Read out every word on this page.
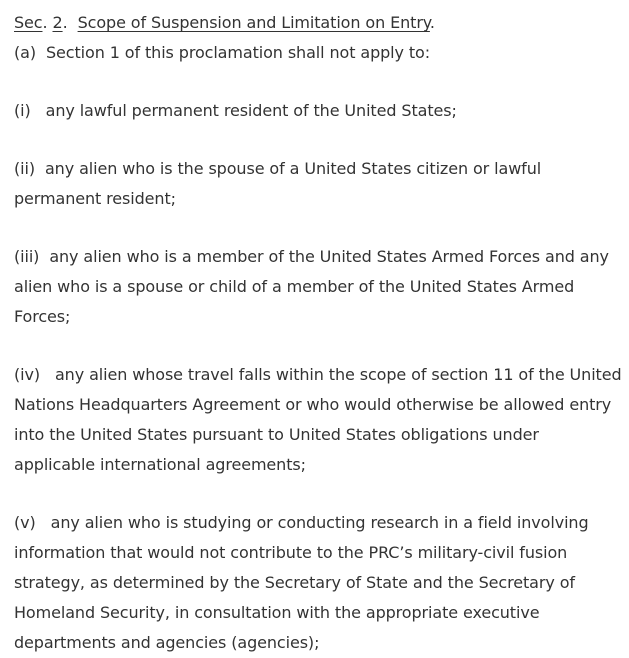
Sec. 2. Scope of Suspension and Limitation on Entry.

(a) Section 1 of this proclamation shall not apply to:

(i) any lawful permanent resident of the United States;

(ii) any alien who is the spouse of a United States citizen or lawful permanent resident;

(iii) any alien who is a member of the United States Armed Forces and any alien who is a spouse or child of a member of the United States Armed Forces;

(iv) any alien whose travel falls within the scope of section 11 of the United Nations Headquarters Agreement or who would otherwise be allowed entry into the United States pursuant to United States obligations under applicable international agreements;

(v) any alien who is studying or conducting research in a field involving information that would not contribute to the PRC’s military-civil fusion strategy, as determined by the Secretary of State and the Secretary of Homeland Security, in consultation with the appropriate executive departments and agencies (agencies);
